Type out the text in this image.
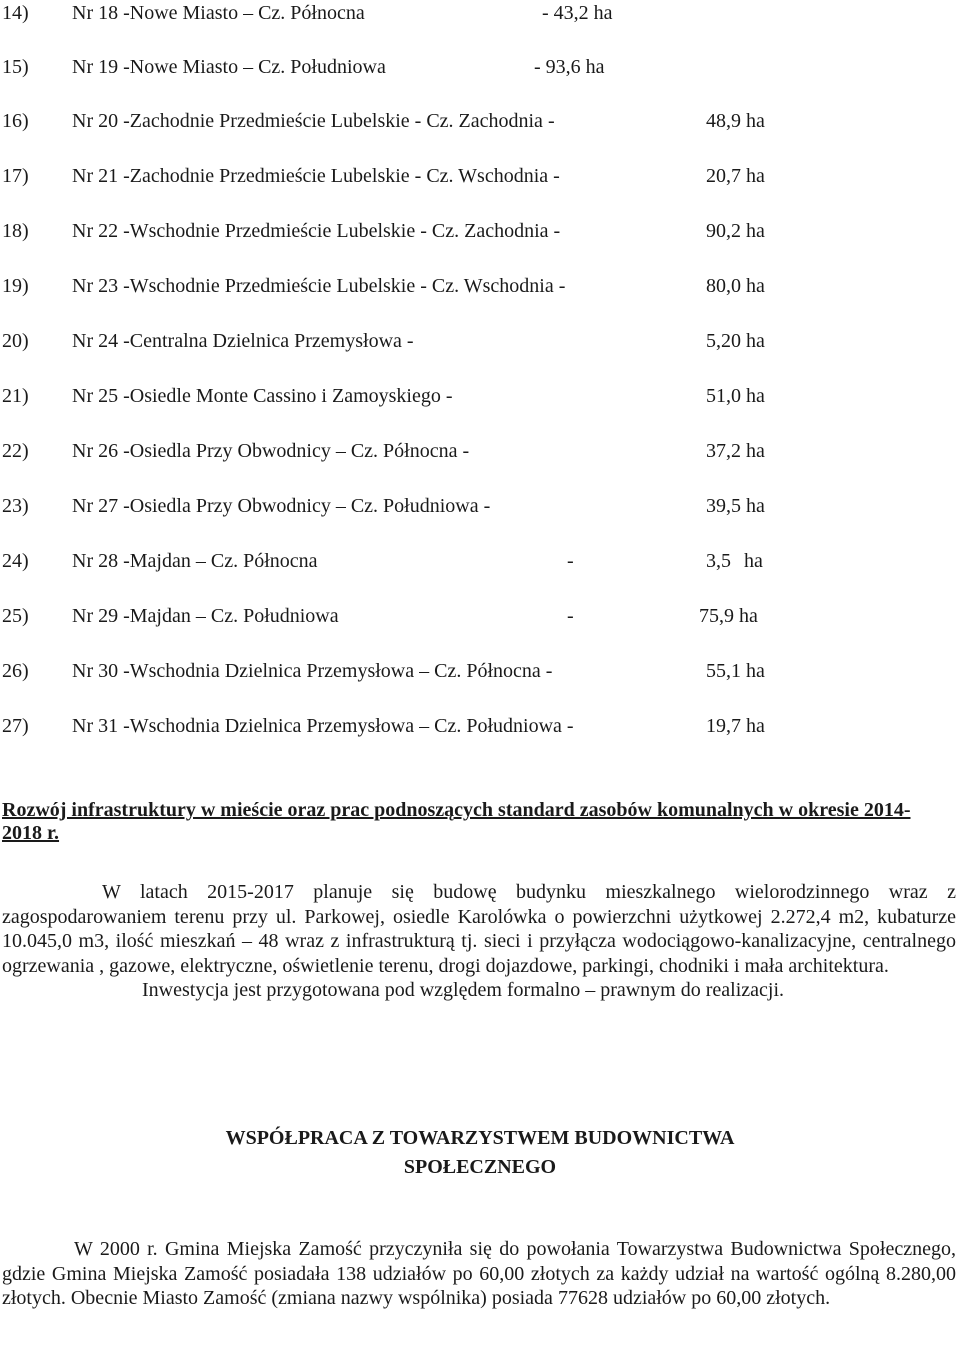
14) Nr 18 -Nowe Miasto – Cz. Północna	- 43,2 ha
15) Nr 19 -Nowe Miasto – Cz. Południowa	- 93,6 ha
16) Nr 20 -Zachodnie Przedmieście Lubelskie - Cz. Zachodnia -	48,9 ha
17) Nr 21 -Zachodnie Przedmieście Lubelskie - Cz. Wschodnia -	20,7 ha
18) Nr 22 -Wschodnie Przedmieście Lubelskie - Cz. Zachodnia -	90,2 ha
19) Nr 23 -Wschodnie Przedmieście Lubelskie - Cz. Wschodnia -	80,0 ha
20) Nr 24 -Centralna Dzielnica Przemysłowa -	5,20 ha
21) Nr 25 -Osiedle Monte Cassino i Zamoyskiego -	51,0 ha
22) Nr 26 -Osiedla Przy Obwodnicy – Cz. Północna -	37,2 ha
23) Nr 27 -Osiedla Przy Obwodnicy – Cz. Południowa -	39,5 ha
24) Nr 28 -Majdan – Cz. Północna	-	3,5 ha
25) Nr 29 -Majdan – Cz. Południowa	-	75,9 ha
26) Nr 30 -Wschodnia Dzielnica Przemysłowa – Cz. Północna -	55,1 ha
27) Nr 31 -Wschodnia Dzielnica Przemysłowa – Cz. Południowa -	19,7 ha
Rozwój infrastruktury w mieście oraz prac podnoszących standard zasobów komunalnych w okresie 2014-2018 r.

W latach 2015-2017 planuje się budowę budynku mieszkalnego wielorodzinnego wraz z zagospodarowaniem terenu przy ul. Parkowej, osiedle Karolówka o powierzchni użytkowej 2.272,4 m2, kubaturze 10.045,0 m3, ilość mieszkań – 48 wraz z infrastrukturą tj. sieci i przyłącza wodociągowo-kanalizacyjne, centralnego ogrzewania , gazowe, elektryczne, oświetlenie terenu, drogi dojazdowe, parkingi, chodniki i mała architektura.

Inwestycja jest przygotowana pod względem formalno – prawnym do realizacji.

WSPÓŁPRACA Z TOWARZYSTWEM BUDOWNICTWA
SPOŁECZNEGO

W 2000 r. Gmina Miejska Zamość przyczyniła się do powołania Towarzystwa Budownictwa Społecznego, gdzie Gmina Miejska Zamość posiadała 138 udziałów po 60,00 złotych za każdy udział na wartość ogólną 8.280,00 złotych. Obecnie Miasto Zamość (zmiana nazwy wspólnika) posiada 77628 udziałów po 60,00 złotych.
